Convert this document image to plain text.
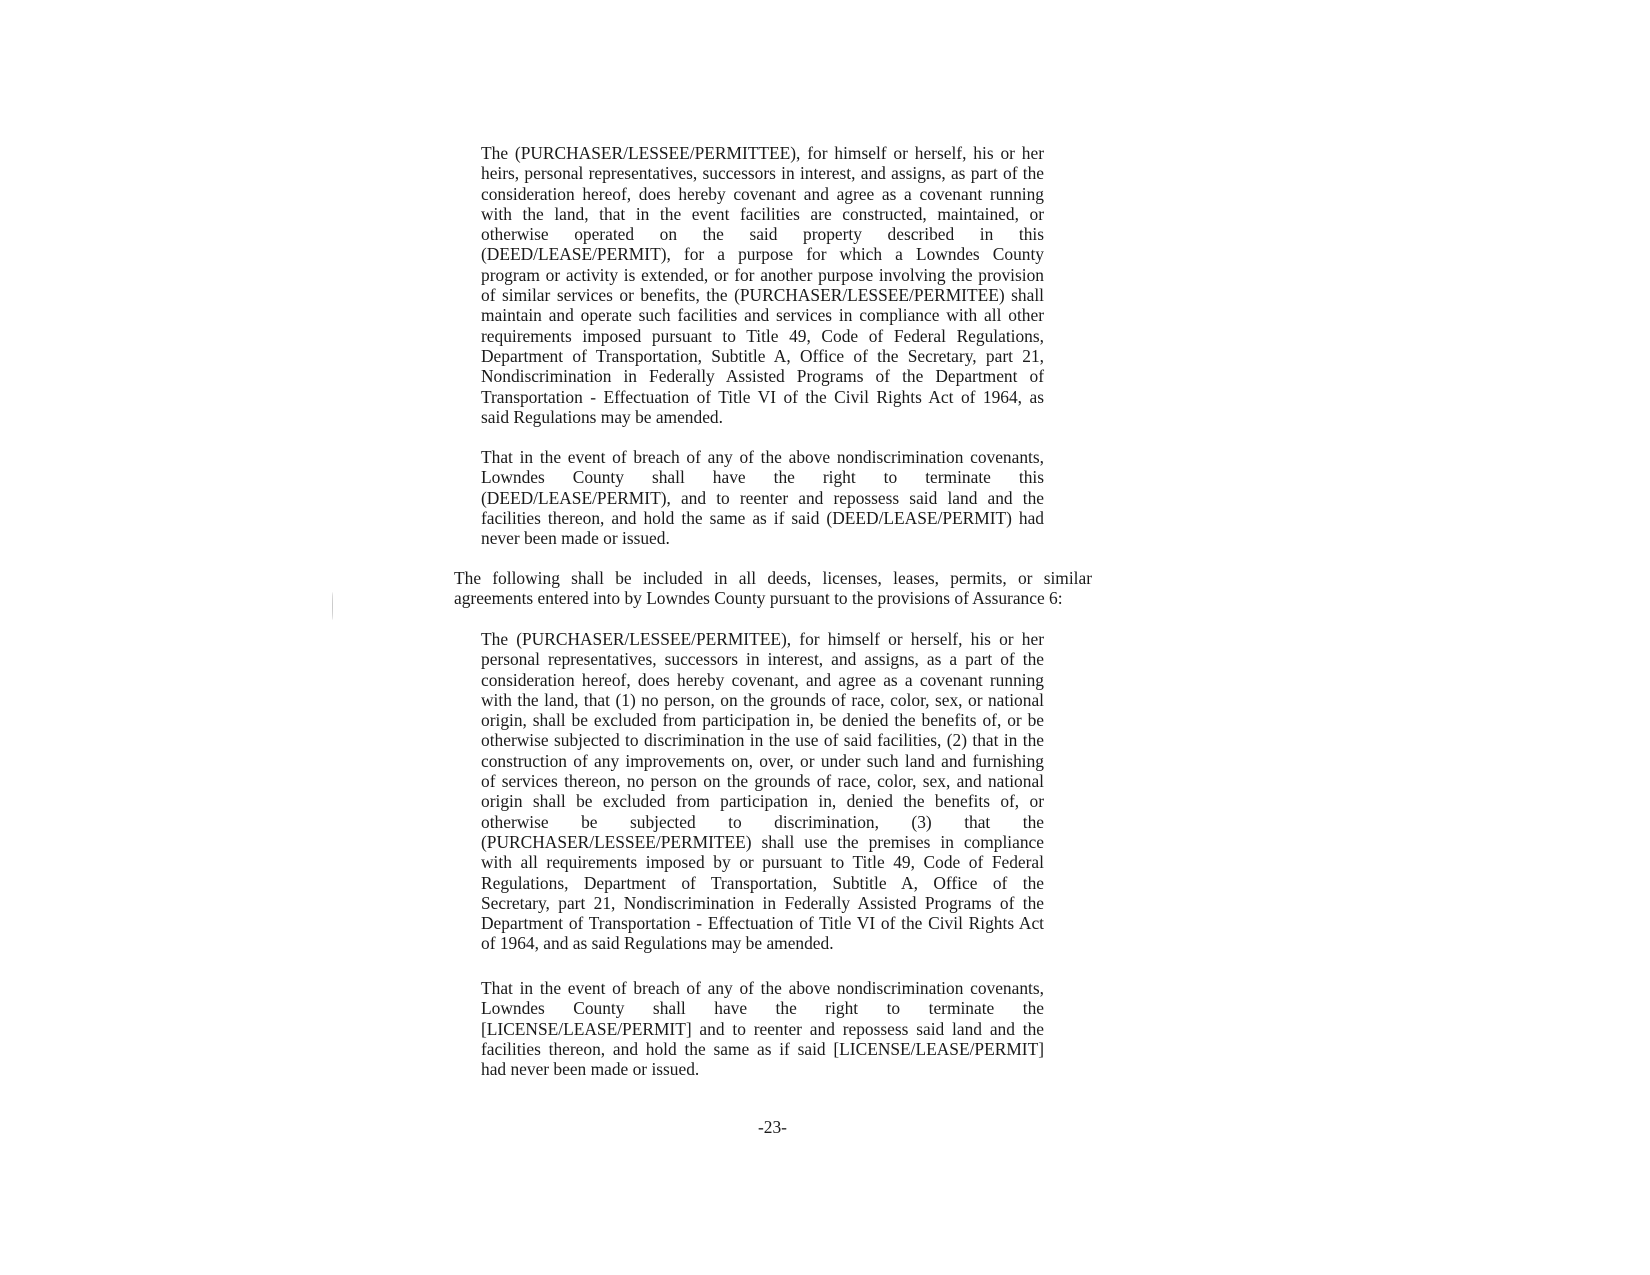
The (PURCHASER/LESSEE/PERMITTEE), for himself or herself, his or her
heirs, personal representatives, successors in interest, and assigns, as part of the
consideration hereof, does hereby covenant and agree as a covenant running
with the land, that in the event facilities are constructed, maintained, or
otherwise operated on the said property described in this
(DEED/LEASE/PERMIT), for a purpose for which a Lowndes County
program or activity is extended, or for another purpose involving the provision
of similar services or benefits, the (PURCHASER/LESSEE/PERMITEE) shall
maintain and operate such facilities and services in compliance with all other
requirements imposed pursuant to Title 49, Code of Federal Regulations,
Department of Transportation, Subtitle A, Office of the Secretary, part 21,
Nondiscrimination in Federally Assisted Programs of the Department of
Transportation - Effectuation of Title VI of the Civil Rights Act of 1964, as
said Regulations may be amended.
That in the event of breach of any of the above nondiscrimination covenants,
Lowndes County shall have the right to terminate this
(DEED/LEASE/PERMIT), and to reenter and repossess said land and the
facilities thereon, and hold the same as if said (DEED/LEASE/PERMIT) had
never been made or issued.
The following shall be included in all deeds, licenses, leases, permits, or similar
agreements entered into by Lowndes County pursuant to the provisions of Assurance 6:
The (PURCHASER/LESSEE/PERMITEE), for himself or herself, his or her
personal representatives, successors in interest, and assigns, as a part of the
consideration hereof, does hereby covenant, and agree as a covenant running
with the land, that (1) no person, on the grounds of race, color, sex, or national
origin, shall be excluded from participation in, be denied the benefits of, or be
otherwise subjected to discrimination in the use of said facilities, (2) that in the
construction of any improvements on, over, or under such land and furnishing
of services thereon, no person on the grounds of race, color, sex, and national
origin shall be excluded from participation in, denied the benefits of, or
otherwise be subjected to discrimination, (3) that the
(PURCHASER/LESSEE/PERMITEE) shall use the premises in compliance
with all requirements imposed by or pursuant to Title 49, Code of Federal
Regulations, Department of Transportation, Subtitle A, Office of the
Secretary, part 21, Nondiscrimination in Federally Assisted Programs of the
Department of Transportation - Effectuation of Title VI of the Civil Rights Act
of 1964, and as said Regulations may be amended.
That in the event of breach of any of the above nondiscrimination covenants,
Lowndes County shall have the right to terminate the
[LICENSE/LEASE/PERMIT] and to reenter and repossess said land and the
facilities thereon, and hold the same as if said [LICENSE/LEASE/PERMIT]
had never been made or issued.
-23-
